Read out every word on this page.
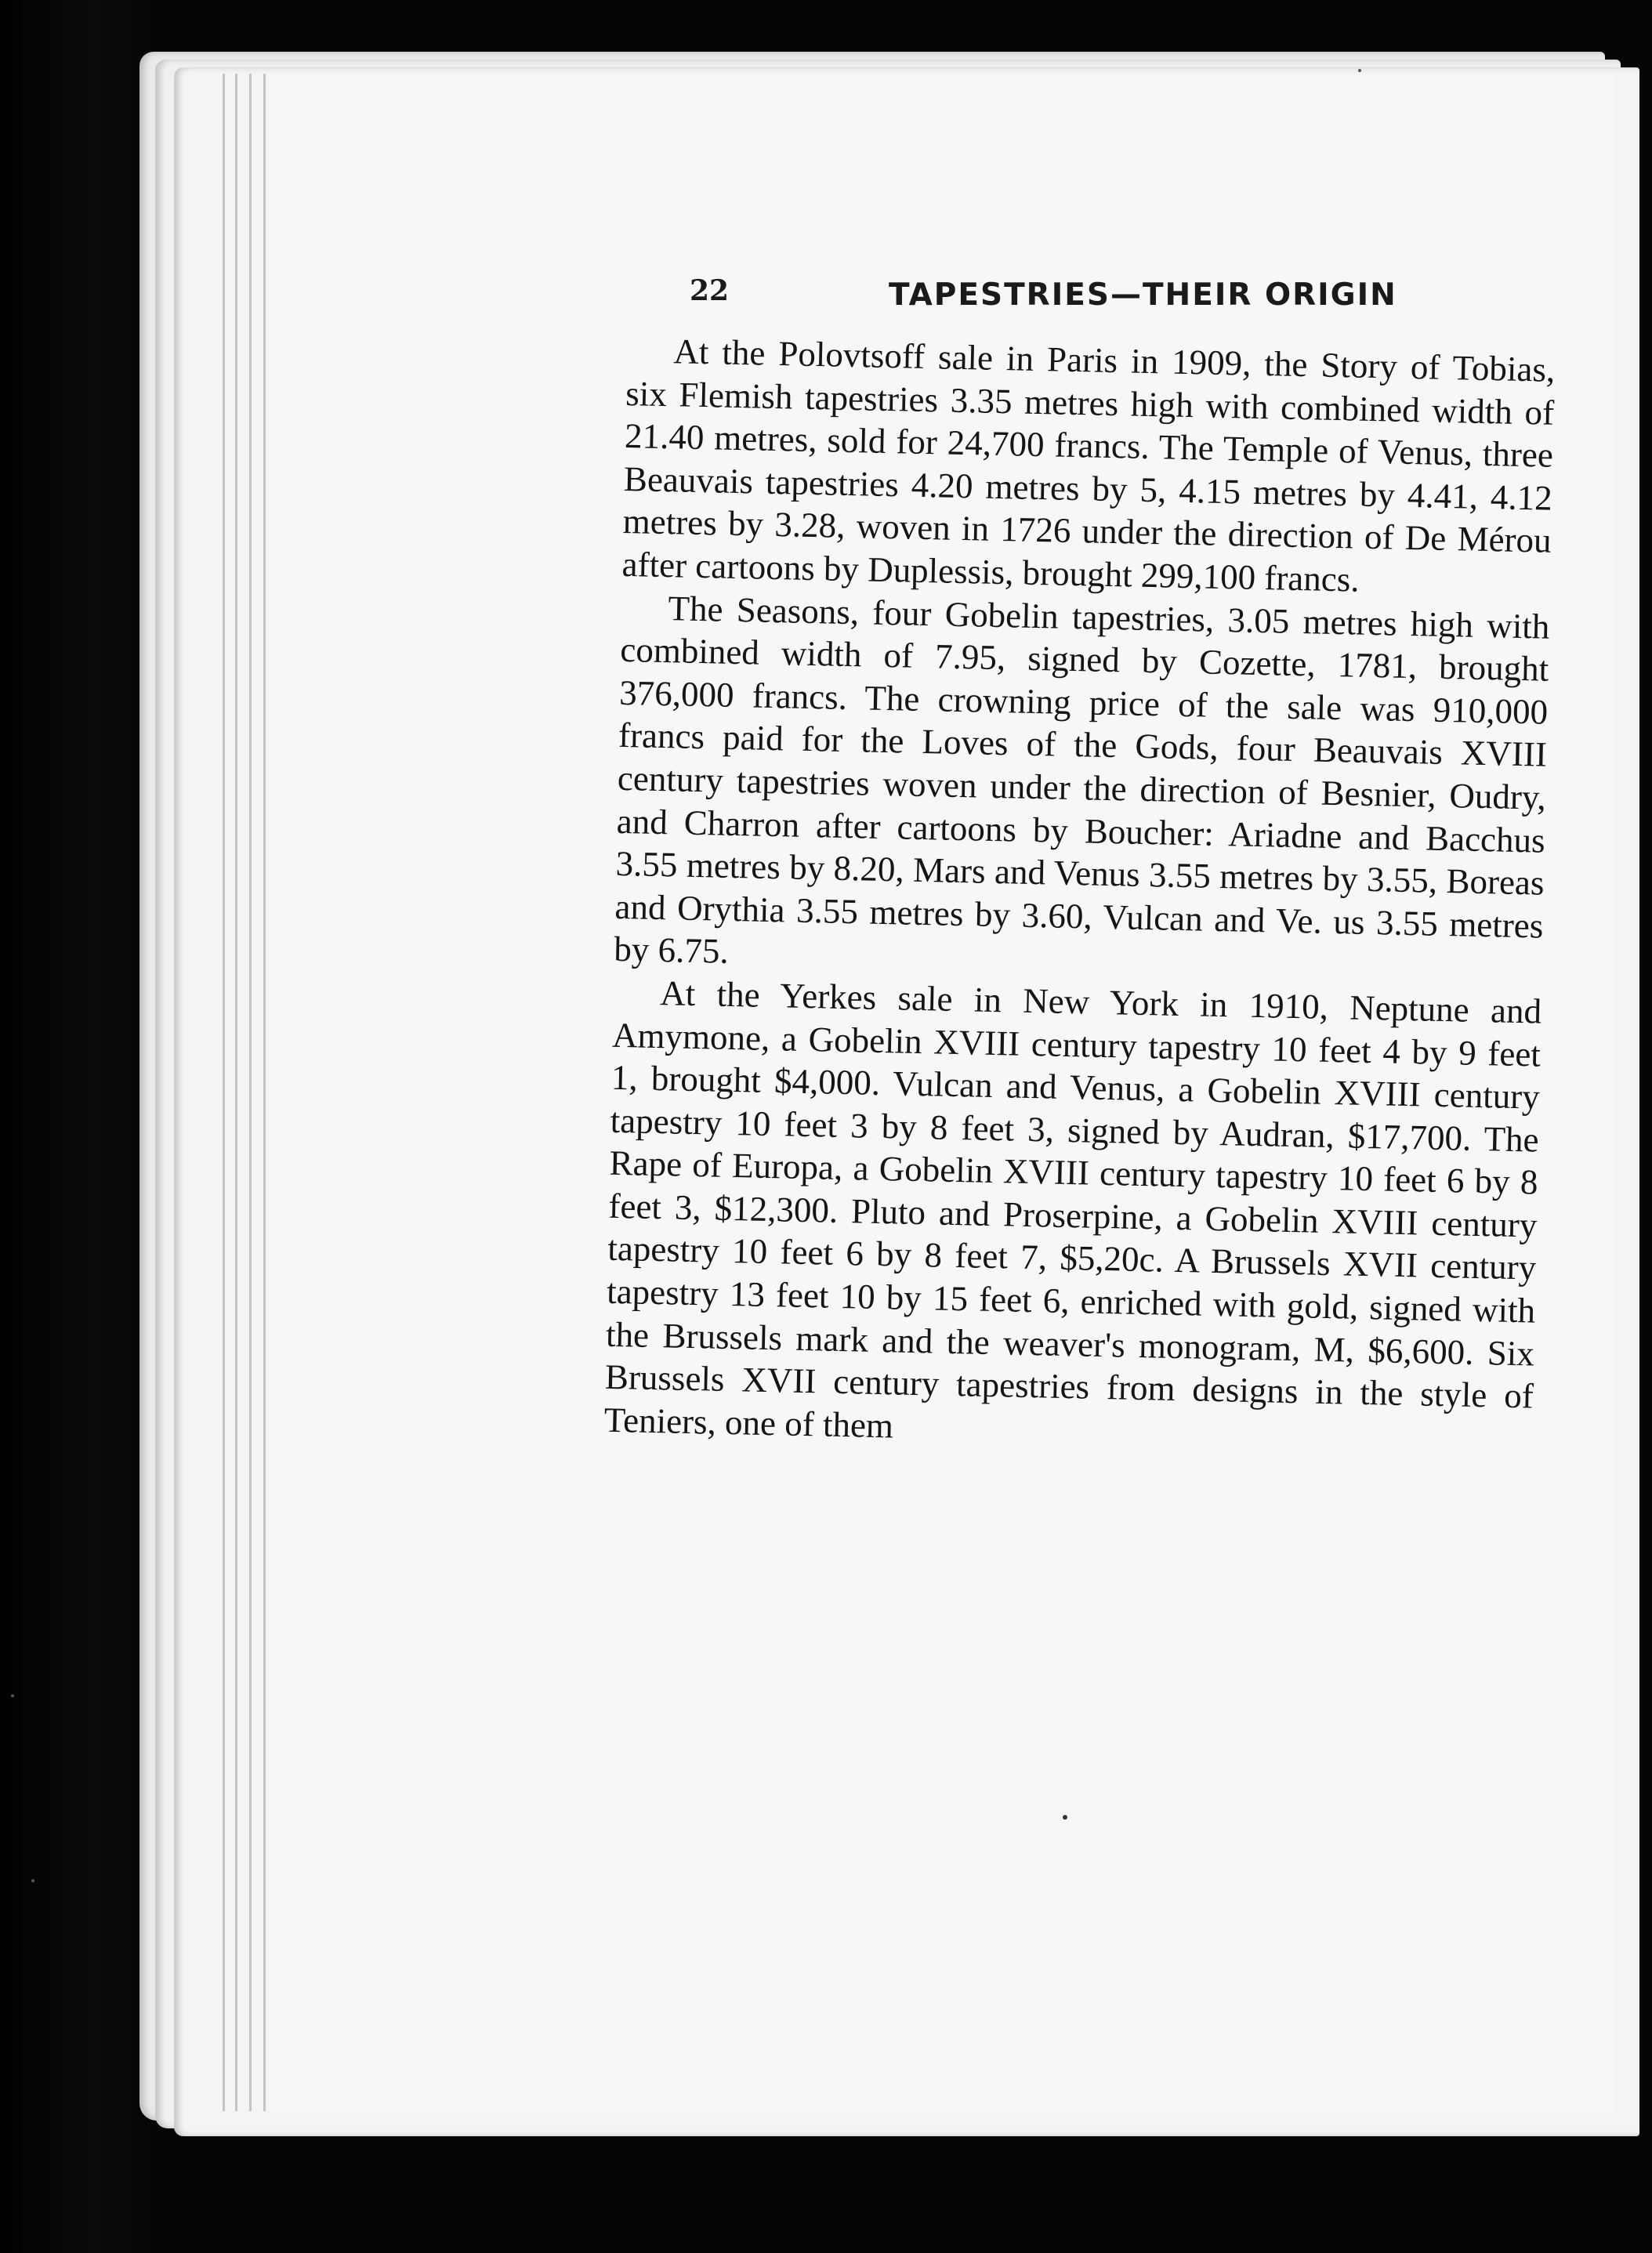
22	TAPESTRIES—THEIR ORIGIN

At the Polovtsoff sale in Paris in 1909, the Story of Tobias, six Flemish tapestries 3.35 metres high with combined width of 21.40 metres, sold for 24,700 francs. The Temple of Venus, three Beauvais tapestries 4.20 metres by 5, 4.15 metres by 4.41, 4.12 metres by 3.28, woven in 1726 under the direction of De Mérou after cartoons by Duplessis, brought 299,100 francs.

The Seasons, four Gobelin tapestries, 3.05 metres high with combined width of 7.95, signed by Cozette, 1781, brought 376,000 francs. The crowning price of the sale was 910,000 francs paid for the Loves of the Gods, four Beauvais XVIII century tapestries woven under the direction of Besnier, Oudry, and Charron after cartoons by Boucher: Ariadne and Bacchus 3.55 metres by 8.20, Mars and Venus 3.55 metres by 3.55, Boreas and Orythia 3.55 metres by 3.60, Vulcan and Ve. us 3.55 metres by 6.75.

At the Yerkes sale in New York in 1910, Neptune and Amymone, a Gobelin XVIII century tapestry 10 feet 4 by 9 feet 1, brought $4,000. Vulcan and Venus, a Gobelin XVIII century tapestry 10 feet 3 by 8 feet 3, signed by Audran, $17,700. The Rape of Europa, a Gobelin XVIII century tapestry 10 feet 6 by 8 feet 3, $12,300. Pluto and Proserpine, a Gobelin XVIII century tapestry 10 feet 6 by 8 feet 7, $5,20c. A Brussels XVII century tapestry 13 feet 10 by 15 feet 6, enriched with gold, signed with the Brussels mark and the weaver's monogram, M, $6,600. Six Brussels XVII century tapestries from designs in the style of Teniers, one of them
